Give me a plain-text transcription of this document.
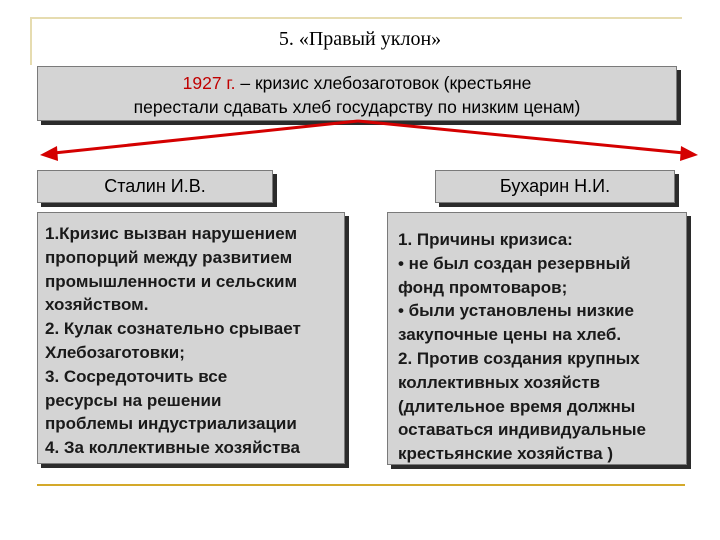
5. «Правый уклон»
1927 г. – кризис хлебозаготовок (крестьяне
перестали сдавать хлеб государству по низким ценам)
Сталин И.В.	Бухарин Н.И.
1.Кризис вызван нарушением
пропорций между развитием
промышленности и сельским
хозяйством.
2. Кулак сознательно срывает
Хлебозаготовки;
3. Сосредоточить все
ресурсы на решении
проблемы индустриализации
4. За коллективные хозяйства
1. Причины кризиса:
• не был создан резервный
фонд промтоваров;
• были установлены низкие
закупочные цены на хлеб.
2. Против создания крупных
коллективных хозяйств
(длительное время должны
оставаться индивидуальные
крестьянские хозяйства )
